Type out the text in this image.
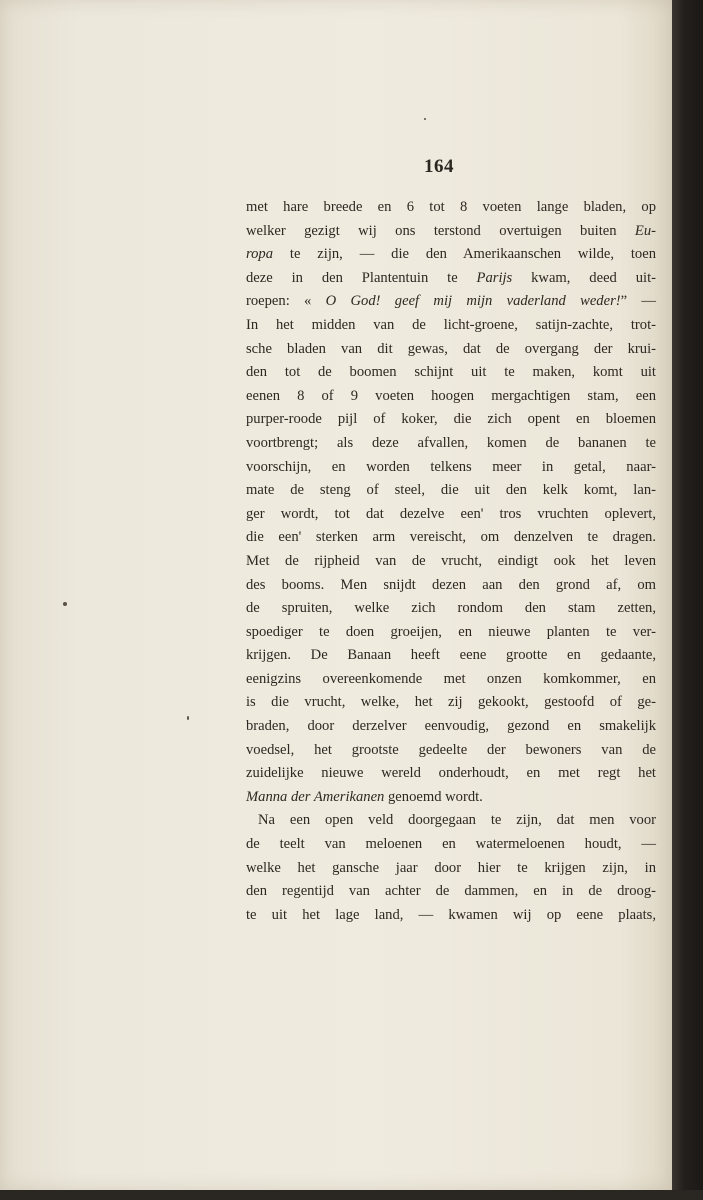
164
met hare breede en 6 tot 8 voeten lange bladen, op
welker gezigt wij ons terstond overtuigen buiten Eu-
ropa te zijn, — die den Amerikaanschen wilde, toen
deze in den Plantentuin te Parijs kwam, deed uit-
roepen: « O God! geef mij mijn vaderland weder!” —
In het midden van de licht-groene, satijn-zachte, trot-
sche bladen van dit gewas, dat de overgang der krui-
den tot de boomen schijnt uit te maken, komt uit
eenen 8 of 9 voeten hoogen mergachtigen stam, een
purper-roode pijl of koker, die zich opent en bloemen
voortbrengt; als deze afvallen, komen de bananen te
voorschijn, en worden telkens meer in getal, naar-
mate de steng of steel, die uit den kelk komt, lan-
ger wordt, tot dat dezelve een' tros vruchten oplevert,
die een' sterken arm vereischt, om denzelven te dragen.
Met de rijpheid van de vrucht, eindigt ook het leven
des booms. Men snijdt dezen aan den grond af, om
de spruiten, welke zich rondom den stam zetten,
spoediger te doen groeijen, en nieuwe planten te ver-
krijgen. De Banaan heeft eene grootte en gedaante,
eenigzins overeenkomende met onzen komkommer, en
is die vrucht, welke, het zij gekookt, gestoofd of ge-
braden, door derzelver eenvoudig, gezond en smakelijk
voedsel, het grootste gedeelte der bewoners van de
zuidelijke nieuwe wereld onderhoudt, en met regt het
Manna der Amerikanen genoemd wordt.
Na een open veld doorgegaan te zijn, dat men voor
de teelt van meloenen en watermeloenen houdt, —
welke het gansche jaar door hier te krijgen zijn, in
den regentijd van achter de dammen, en in de droog-
te uit het lage land, — kwamen wij op eene plaats,
